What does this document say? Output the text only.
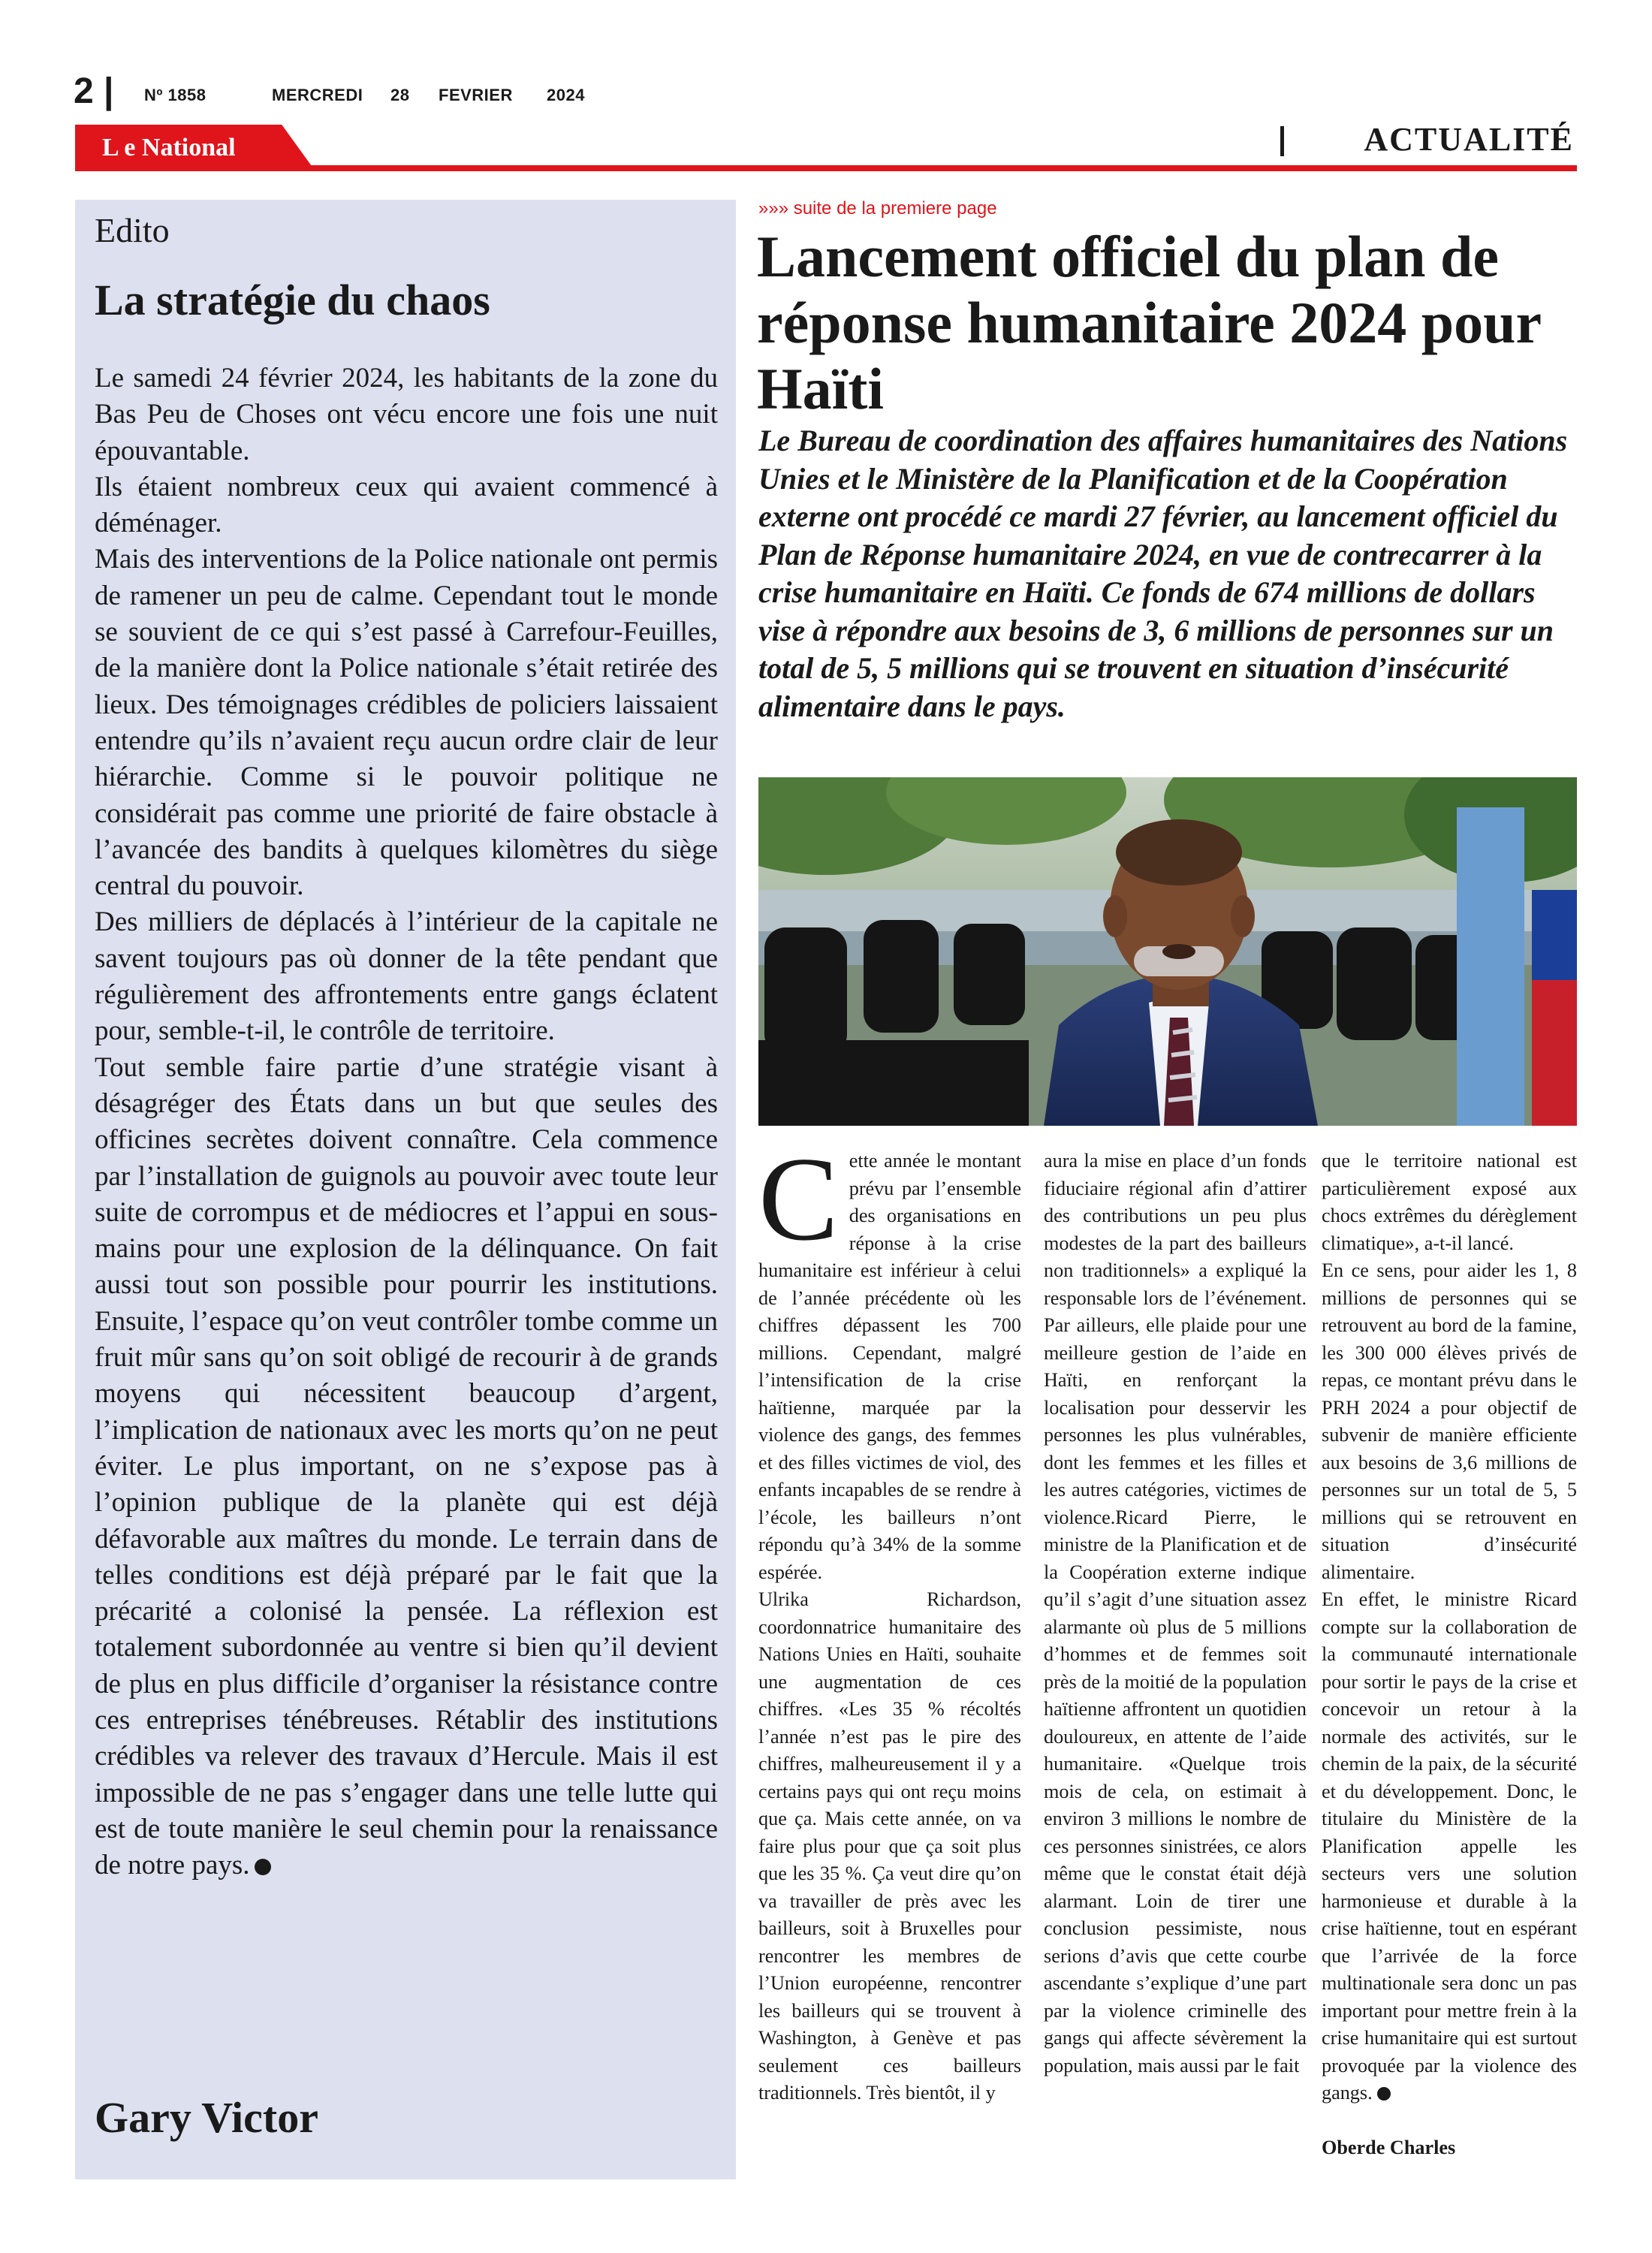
2 | Nº 1858	MERCREDI 28 FEVRIER 2024
L e National	ACTUALITÉ
Edito
La stratégie du chaos

Le samedi 24 février 2024, les habitants de la zone du Bas Peu de Choses ont vécu encore une fois une nuit épouvantable.

Ils étaient nombreux ceux qui avaient commencé à déménager.

Mais des interventions de la Police nationale ont permis de ramener un peu de calme. Cependant tout le monde se souvient de ce qui s’est passé à Carrefour-Feuilles, de la manière dont la Police nationale s’était retirée des lieux. Des témoignages crédibles de policiers laissaient entendre qu’ils n’avaient reçu aucun ordre clair de leur hiérarchie. Comme si le pouvoir politique ne considérait pas comme une priorité de faire obstacle à l’avancée des bandits à quelques kilomètres du siège central du pouvoir.

Des milliers de déplacés à l’intérieur de la capitale ne savent toujours pas où donner de la tête pendant que régulièrement des affrontements entre gangs éclatent pour, semble-t-il, le contrôle de territoire.

Tout semble faire partie d’une stratégie visant à désagréger des États dans un but que seules des officines secrètes doivent connaître. Cela commence par l’installation de guignols au pouvoir avec toute leur suite de corrompus et de médiocres et l’appui en sous-mains pour une explosion de la délinquance. On fait aussi tout son possible pour pourrir les institutions. Ensuite, l’espace qu’on veut contrôler tombe comme un fruit mûr sans qu’on soit obligé de recourir à de grands moyens qui nécessitent beaucoup d’argent, l’implication de nationaux avec les morts qu’on ne peut éviter. Le plus important, on ne s’expose pas à l’opinion publique de la planète qui est déjà défavorable aux maîtres du monde. Le terrain dans de telles conditions est déjà préparé par le fait que la précarité a colonisé la pensée. La réflexion est totalement subordonnée au ventre si bien qu’il devient de plus en plus difficile d’organiser la résistance contre ces entreprises ténébreuses. Rétablir des institutions crédibles va relever des travaux d’Hercule. Mais il est impossible de ne pas s’engager dans une telle lutte qui est de toute manière le seul chemin pour la renaissance de notre pays.

Gary Victor
»»» suite de la premiere page
Lancement officiel du plan de réponse humanitaire 2024 pour Haïti
Le Bureau de coordination des affaires humanitaires des Nations Unies et le Ministère de la Planification et de la Coopération externe ont procédé ce mardi 27 février, au lancement officiel du Plan de Réponse humanitaire 2024, en vue de contrecarrer à la crise humanitaire en Haïti. Ce fonds de 674 millions de dollars vise à répondre aux besoins de 3, 6 millions de personnes sur un total de 5, 5 millions qui se trouvent en situation d’insécurité alimentaire dans le pays.

Cette année le montant prévu par l’ensemble des organisations en réponse à la crise humanitaire est inférieur à celui de l’année précédente où les chiffres dépassent les 700 millions. Cependant, malgré l’intensification de la crise haïtienne, marquée par la violence des gangs, des femmes et des filles victimes de viol, des enfants incapables de se rendre à l’école, les bailleurs n’ont répondu qu’à 34% de la somme espérée.

Ulrika Richardson, coordonnatrice humanitaire des Nations Unies en Haïti, souhaite une augmentation de ces chiffres. «Les 35 % récoltés l’année n’est pas le pire des chiffres, malheureusement il y a certains pays qui ont reçu moins que ça. Mais cette année, on va faire plus pour que ça soit plus que les 35 %. Ça veut dire qu’on va travailler de près avec les bailleurs, soit à Bruxelles pour rencontrer les membres de l’Union européenne, rencontrer les bailleurs qui se trouvent à Washington, à Genève et pas seulement ces bailleurs traditionnels. Très bientôt, il y

aura la mise en place d’un fonds fiduciaire régional afin d’attirer des contributions un peu plus modestes de la part des bailleurs non traditionnels» a expliqué la responsable lors de l’événement. Par ailleurs, elle plaide pour une meilleure gestion de l’aide en Haïti, en renforçant la localisation pour desservir les personnes les plus vulnérables, dont les femmes et les filles et les autres catégories, victimes de violence.Ricard Pierre, le ministre de la Planification et de la Coopération externe indique qu’il s’agit d’une situation assez alarmante où plus de 5 millions d’hommes et de femmes soit près de la moitié de la population haïtienne affrontent un quotidien douloureux, en attente de l’aide humanitaire. «Quelque trois mois de cela, on estimait à environ 3 millions le nombre de ces personnes sinistrées, ce alors même que le constat était déjà alarmant. Loin de tirer une conclusion pessimiste, nous serions d’avis que cette courbe ascendante s’explique d’une part par la violence criminelle des gangs qui affecte sévèrement la population, mais aussi par le fait

que le territoire national est particulièrement exposé aux chocs extrêmes du dérèglement climatique», a-t-il lancé.

En ce sens, pour aider les 1, 8 millions de personnes qui se retrouvent au bord de la famine, les 300 000 élèves privés de repas, ce montant prévu dans le PRH 2024 a pour objectif de subvenir de manière efficiente aux besoins de 3,6 millions de personnes sur un total de 5, 5 millions qui se retrouvent en situation d’insécurité alimentaire.

En effet, le ministre Ricard compte sur la collaboration de la communauté internationale pour sortir le pays de la crise et concevoir un retour à la normale des activités, sur le chemin de la paix, de la sécurité et du développement. Donc, le titulaire du Ministère de la Planification appelle les secteurs vers une solution harmonieuse et durable à la crise haïtienne, tout en espérant que l’arrivée de la force multinationale sera donc un pas important pour mettre frein à la crise humanitaire qui est surtout provoquée par la violence des gangs.

Oberde Charles
